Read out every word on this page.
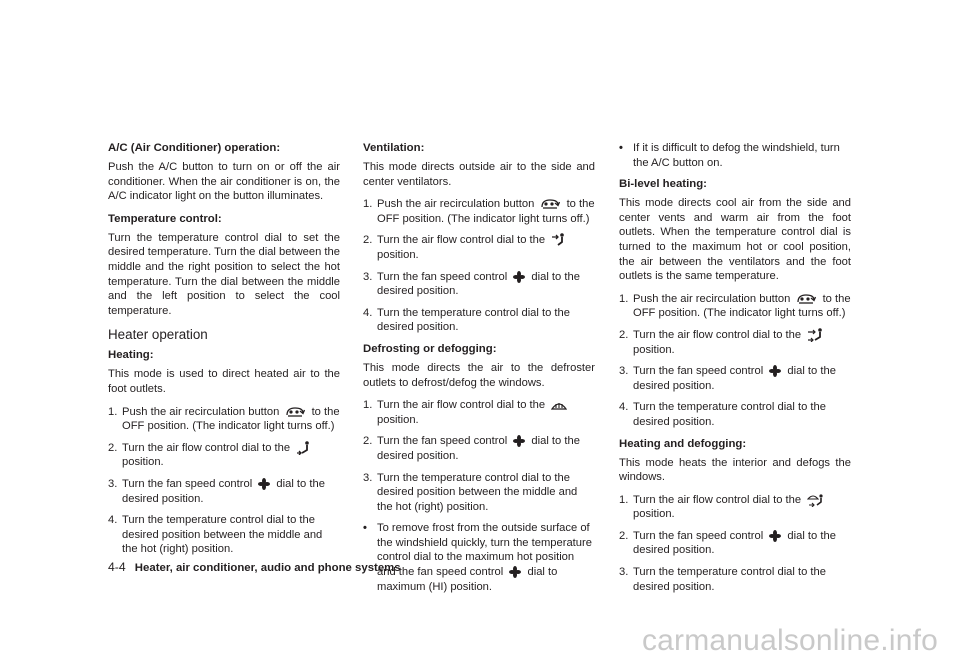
A/C (Air Conditioner) operation:

Push the A/C button to turn on or off the air conditioner. When the air conditioner is on, the A/C indicator light on the button illuminates.

Temperature control:

Turn the temperature control dial to set the desired temperature. Turn the dial between the middle and the right position to select the hot temperature. Turn the dial between the middle and the left position to select the cool temperature.

Heater operation
Heating:

This mode is used to direct heated air to the foot outlets.

1. Push the air recirculation button	to the OFF position. (The indicator light turns off.)
2. Turn the air flow control dial to the  position.
3. Turn the fan speed control dial to the desired position.
4. Turn the temperature control dial to the desired position between the middle and the hot (right) position.
Ventilation:

This mode directs outside air to the side and center ventilators.

1. Push the air recirculation button	to the OFF position. (The indicator light turns off.)
2. Turn the air flow control dial to the  position.
3. Turn the fan speed control dial to the desired position.
4. Turn the temperature control dial to the desired position.
Defrosting or defogging:

This mode directs the air to the defroster outlets to defrost/defog the windows.

1. Turn the air flow control dial to the  position.
2. Turn the fan speed control dial to the desired position.
3. Turn the temperature control dial to the desired position between the middle and the hot (right) position.
• To remove frost from the outside surface of the windshield quickly, turn the temperature control dial to the maximum hot position and the fan speed control dial to maximum (HI) position.
• If it is difficult to defog the windshield, turn the A/C button on.
Bi-level heating:

This mode directs cool air from the side and center vents and warm air from the foot outlets. When the temperature control dial is turned to the maximum hot or cool position, the air between the ventilators and the foot outlets is the same temperature.

1. Push the air recirculation button	to the OFF position. (The indicator light turns off.)
2. Turn the air flow control dial to the  position.
3. Turn the fan speed control dial to the desired position.
4. Turn the temperature control dial to the desired position.
Heating and defogging:

This mode heats the interior and defogs the windows.

1. Turn the air flow control dial to the  position.
2. Turn the fan speed control dial to the desired position.
3. Turn the temperature control dial to the desired position.
4-4 Heater, air conditioner, audio and phone systems
carmanualsonline.info
